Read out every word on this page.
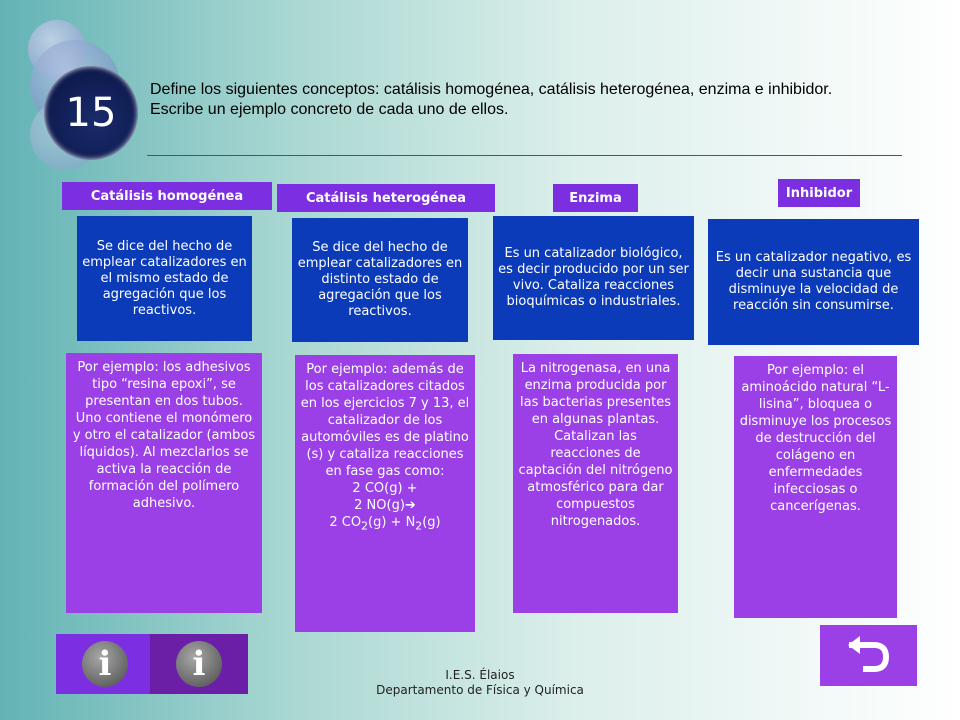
15
Define los siguientes conceptos: catálisis homogénea, catálisis heterogénea, enzima e inhibidor.
Escribe un ejemplo concreto de cada uno de ellos.
Catálisis homogénea
Se dice del hecho de emplear catalizadores en el mismo estado de agregación que los reactivos.
Por ejemplo: los adhesivos tipo “resina epoxi”, se presentan en dos tubos. Uno contiene el monómero y otro el catalizador (ambos líquidos). Al mezclarlos se activa la reacción de formación del polímero adhesivo.
Catálisis heterogénea
Se dice del hecho de emplear catalizadores en distinto estado de agregación que los reactivos.

Por ejemplo: además de los catalizadores citados en los ejercicios 7 y 13, el catalizador de los automóviles es de platino (s) y cataliza reacciones en fase gas como:

2 CO(g) +

2 NO(g)➔

2 $CO_2(g) + N_2(g)$

Enzima
Es un catalizador biológico, es decir producido por un ser vivo. Cataliza reacciones bioquímicas o industriales.
La nitrogenasa, en una enzima producida por las bacterias presentes en algunas plantas. Catalizan las reacciones de captación del nitrógeno atmosférico para dar compuestos nitrogenados.
Inhibidor
Es un catalizador negativo, es decir una sustancia que disminuye la velocidad de reacción sin consumirse.
Por ejemplo: el aminoácido natural “L-lisina”, bloquea o disminuye los procesos de destrucción del colágeno en enfermedades infecciosas o cancerígenas.
i i	I.E.S. Élaios
Departamento de Física y Química
